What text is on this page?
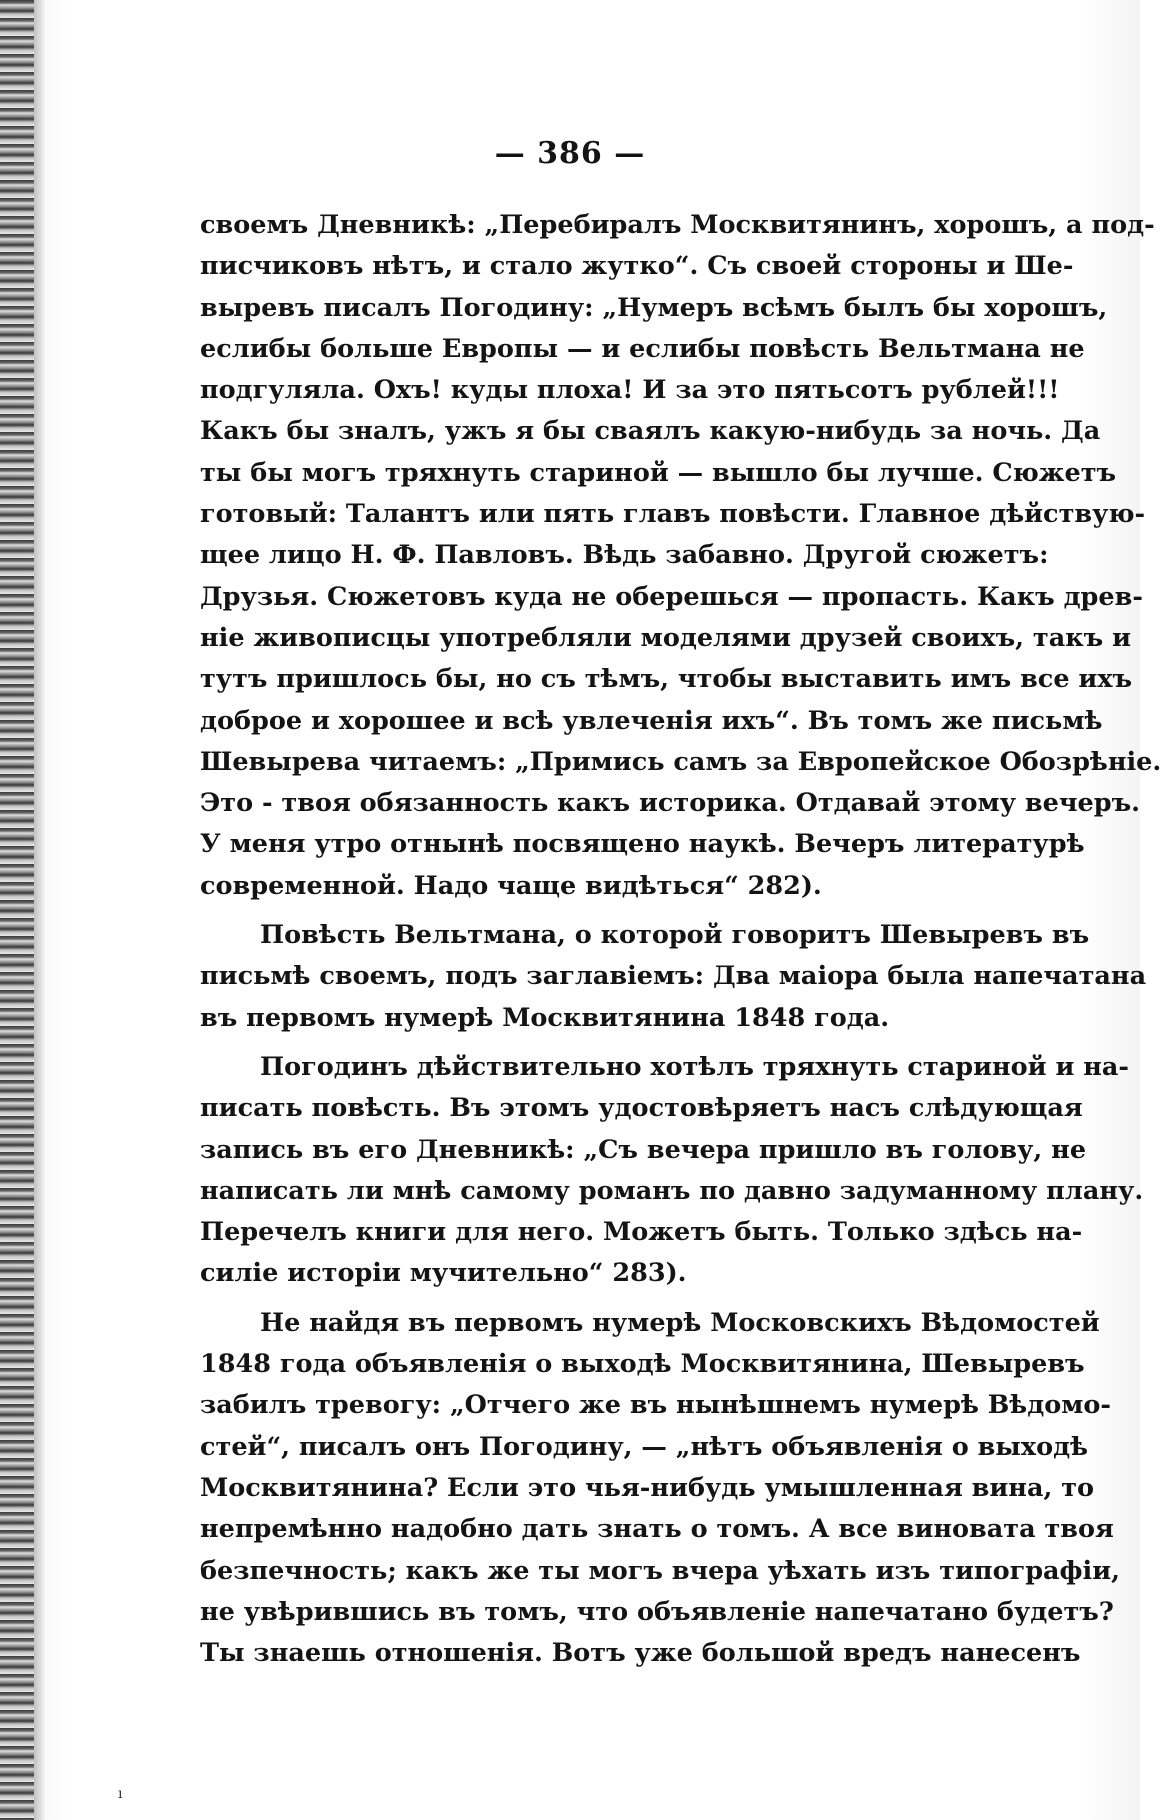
— 386 —
своемъ Дневникѣ: „Перебиралъ Москвитянинъ, хорошъ, а под-
писчиковъ нѣтъ, и стало жутко“. Съ своей стороны и Ше-
выревъ писалъ Погодину: „Нумеръ всѣмъ былъ бы хорошъ,
еслибы больше Европы — и еслибы повѣсть Вельтмана не
подгуляла. Охъ! куды плоха! И за это пятьсотъ рублей!!!
Какъ бы зналъ, ужъ я бы сваялъ какую-нибудь за ночь. Да
ты бы могъ тряхнуть стариной — вышло бы лучше. Сюжетъ
готовый: Талантъ или пять главъ повѣсти. Главное дѣйствую-
щее лицо Н. Ф. Павловъ. Вѣдь забавно. Другой сюжетъ:
Друзья. Сюжетовъ куда не оберешься — пропасть. Какъ древ-
ніе живописцы употребляли моделями друзей своихъ, такъ и
тутъ пришлось бы, но съ тѣмъ, чтобы выставить имъ все ихъ
доброе и хорошее и всѣ увлеченія ихъ“. Въ томъ же письмѣ
Шевырева читаемъ: „Примись самъ за Европейское Обозрѣніе.
Это - твоя обязанность какъ историка. Отдавай этому вечеръ.
У меня утро отнынѣ посвящено наукѣ. Вечеръ литературѣ
современной. Надо чаще видѣться“ 282).
Повѣсть Вельтмана, о которой говоритъ Шевыревъ въ
письмѣ своемъ, подъ заглавіемъ: Два маіора была напечатана
въ первомъ нумерѣ Москвитянина 1848 года.
Погодинъ дѣйствительно хотѣлъ тряхнуть стариной и на-
писать повѣсть. Въ этомъ удостовѣряетъ насъ слѣдующая
запись въ его Дневникѣ: „Съ вечера пришло въ голову, не
написать ли мнѣ самому романъ по давно задуманному плану.
Перечелъ книги для него. Можетъ быть. Только здѣсь на-
силіе исторіи мучительно“ 283).
Не найдя въ первомъ нумерѣ Московскихъ Вѣдомостей
1848 года объявленія о выходѣ Москвитянина, Шевыревъ
забилъ тревогу: „Отчего же въ нынѣшнемъ нумерѣ Вѣдомо-
стей“, писалъ онъ Погодину, — „нѣтъ объявленія о выходѣ
Москвитянина? Если это чья-нибудь умышленная вина, то
непремѣнно надобно дать знать о томъ. А все виновата твоя
безпечность; какъ же ты могъ вчера уѣхать изъ типографіи,
не увѣрившись въ томъ, что объявленіе напечатано будетъ?
Ты знаешь отношенія. Вотъ уже большой вредъ нанесенъ
ı
